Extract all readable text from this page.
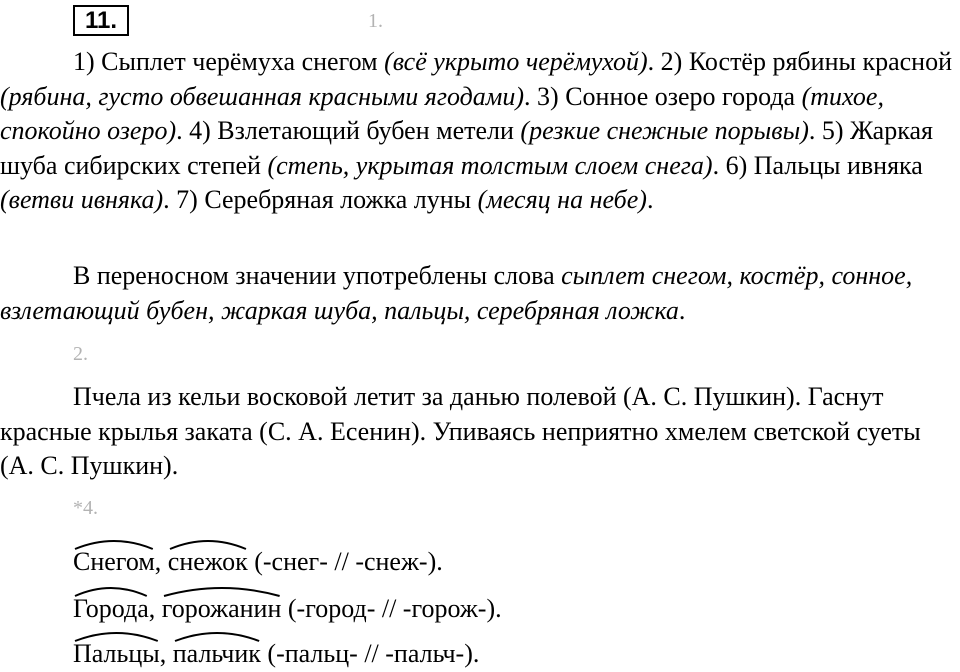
11.	1.
1) Сыплет черёмуха снегом (всё укрыто черёмухой). 2) Костёр рябины красной (рябина, густо обвешанная красными ягодами). 3) Сонное озеро города (тихое, спокойно озеро). 4) Взлетающий бубен метели (резкие снежные порывы). 5) Жаркая шуба сибирских степей (степь, укрытая толстым слоем снега). 6) Пальцы ивняка (ветви ивняка). 7) Серебряная ложка луны (месяц на небе).
В переносном значении употреблены слова сыплет снегом, костёр, сонное, взлетающий бубен, жаркая шуба, пальцы, серебряная ложка.
2.
Пчела из кельи восковой летит за данью полевой (А. С. Пушкин). Гаснут красные крылья заката (С. А. Есенин). Упиваясь неприятно хмелем светской суеты (А. С. Пушкин).
*4.
Снегом,
снежок (-снег- // -снеж-).
Города,
горожанин (-город- // -горож-).
Пальцы,
пальчик (-пальц- // -пальч-).
